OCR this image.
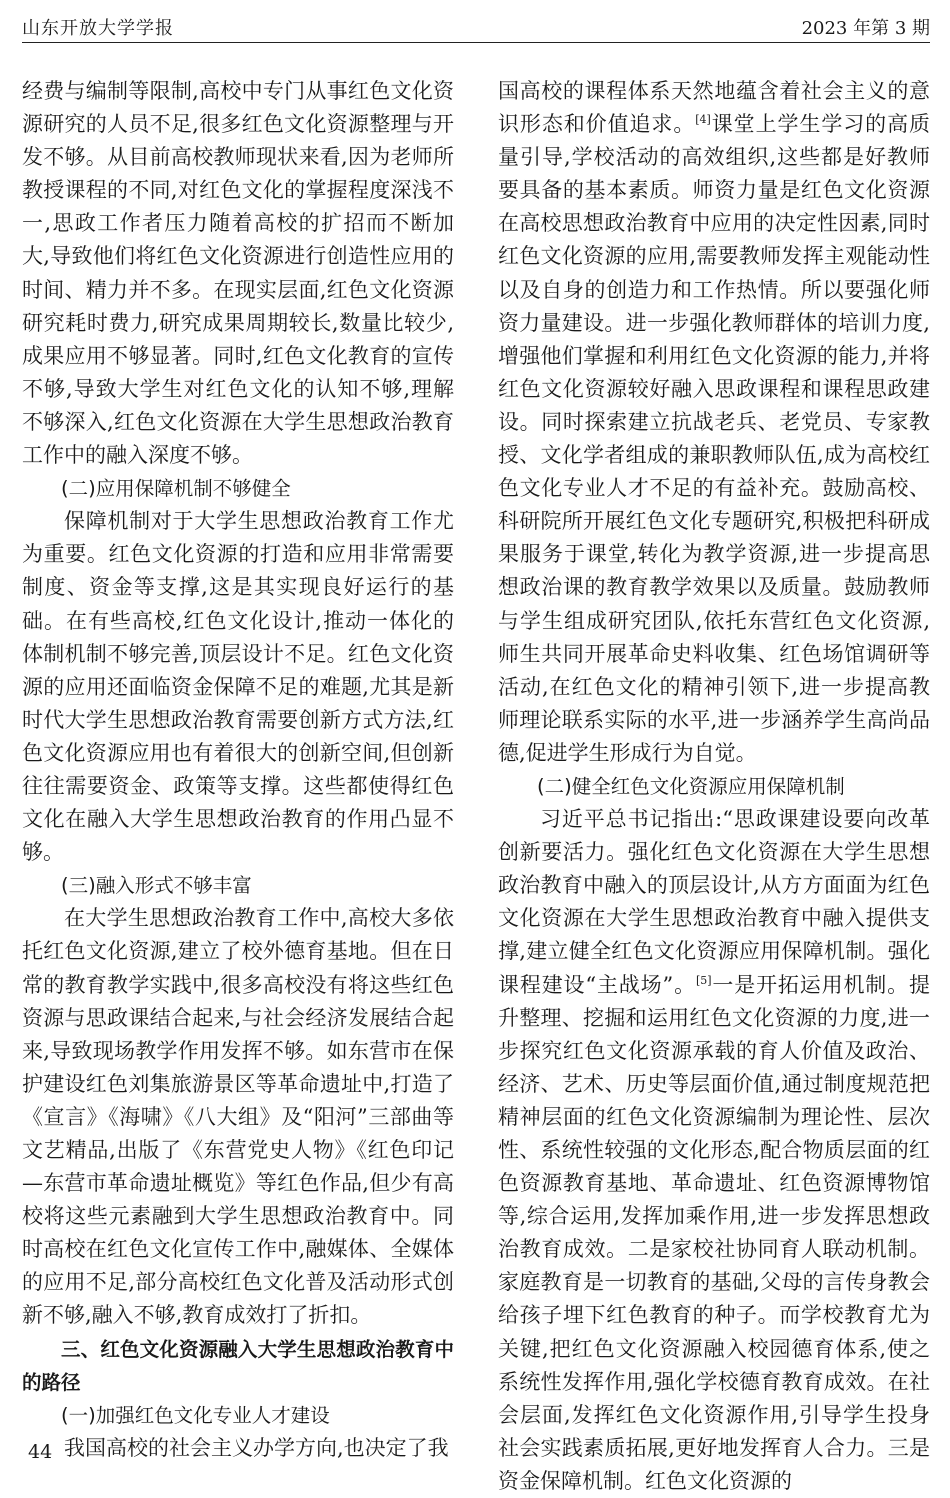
山东开放大学学报	2023 年第 3 期

经费与编制等限制,高校中专门从事红色文化资源研究的人员不足,很多红色文化资源整理与开发不够。从目前高校教师现状来看,因为老师所教授课程的不同,对红色文化的掌握程度深浅不一,思政工作者压力随着高校的扩招而不断加大,导致他们将红色文化资源进行创造性应用的时间、精力并不多。在现实层面,红色文化资源研究耗时费力,研究成果周期较长,数量比较少,成果应用不够显著。同时,红色文化教育的宣传不够,导致大学生对红色文化的认知不够,理解不够深入,红色文化资源在大学生思想政治教育工作中的融入深度不够。

(二)应用保障机制不够健全

保障机制对于大学生思想政治教育工作尤为重要。红色文化资源的打造和应用非常需要制度、资金等支撑,这是其实现良好运行的基础。在有些高校,红色文化设计,推动一体化的体制机制不够完善,顶层设计不足。红色文化资源的应用还面临资金保障不足的难题,尤其是新时代大学生思想政治教育需要创新方式方法,红色文化资源应用也有着很大的创新空间,但创新往往需要资金、政策等支撑。这些都使得红色文化在融入大学生思想政治教育的作用凸显不够。

(三)融入形式不够丰富

在大学生思想政治教育工作中,高校大多依托红色文化资源,建立了校外德育基地。但在日常的教育教学实践中,很多高校没有将这些红色资源与思政课结合起来,与社会经济发展结合起来,导致现场教学作用发挥不够。如东营市在保护建设红色刘集旅游景区等革命遗址中,打造了《宣言》《海啸》《八大组》及“阳河”三部曲等文艺精品,出版了《东营党史人物》《红色印记—东营市革命遗址概览》等红色作品,但少有高校将这些元素融到大学生思想政治教育中。同时高校在红色文化宣传工作中,融媒体、全媒体的应用不足,部分高校红色文化普及活动形式创新不够,融入不够,教育成效打了折扣。

三、红色文化资源融入大学生思想政治教育中的路径

(一)加强红色文化专业人才建设

我国高校的社会主义办学方向,也决定了我

国高校的课程体系天然地蕴含着社会主义的意识形态和价值追求。[4]课堂上学生学习的高质量引导,学校活动的高效组织,这些都是好教师要具备的基本素质。师资力量是红色文化资源在高校思想政治教育中应用的决定性因素,同时红色文化资源的应用,需要教师发挥主观能动性以及自身的创造力和工作热情。所以要强化师资力量建设。进一步强化教师群体的培训力度,增强他们掌握和利用红色文化资源的能力,并将红色文化资源较好融入思政课程和课程思政建设。同时探索建立抗战老兵、老党员、专家教授、文化学者组成的兼职教师队伍,成为高校红色文化专业人才不足的有益补充。鼓励高校、科研院所开展红色文化专题研究,积极把科研成果服务于课堂,转化为教学资源,进一步提高思想政治课的教育教学效果以及质量。鼓励教师与学生组成研究团队,依托东营红色文化资源,师生共同开展革命史料收集、红色场馆调研等活动,在红色文化的精神引领下,进一步提高教师理论联系实际的水平,进一步涵养学生高尚品德,促进学生形成行为自觉。

(二)健全红色文化资源应用保障机制

习近平总书记指出:“思政课建设要向改革创新要活力。强化红色文化资源在大学生思想政治教育中融入的顶层设计,从方方面面为红色文化资源在大学生思想政治教育中融入提供支撑,建立健全红色文化资源应用保障机制。强化课程建设“主战场”。[5]一是开拓运用机制。提升整理、挖掘和运用红色文化资源的力度,进一步探究红色文化资源承载的育人价值及政治、经济、艺术、历史等层面价值,通过制度规范把精神层面的红色文化资源编制为理论性、层次性、系统性较强的文化形态,配合物质层面的红色资源教育基地、革命遗址、红色资源博物馆等,综合运用,发挥加乘作用,进一步发挥思想政治教育成效。二是家校社协同育人联动机制。家庭教育是一切教育的基础,父母的言传身教会给孩子埋下红色教育的种子。而学校教育尤为关键,把红色文化资源融入校园德育体系,使之系统性发挥作用,强化学校德育教育成效。在社会层面,发挥红色文化资源作用,引导学生投身社会实践素质拓展,更好地发挥育人合力。三是资金保障机制。红色文化资源的

44
